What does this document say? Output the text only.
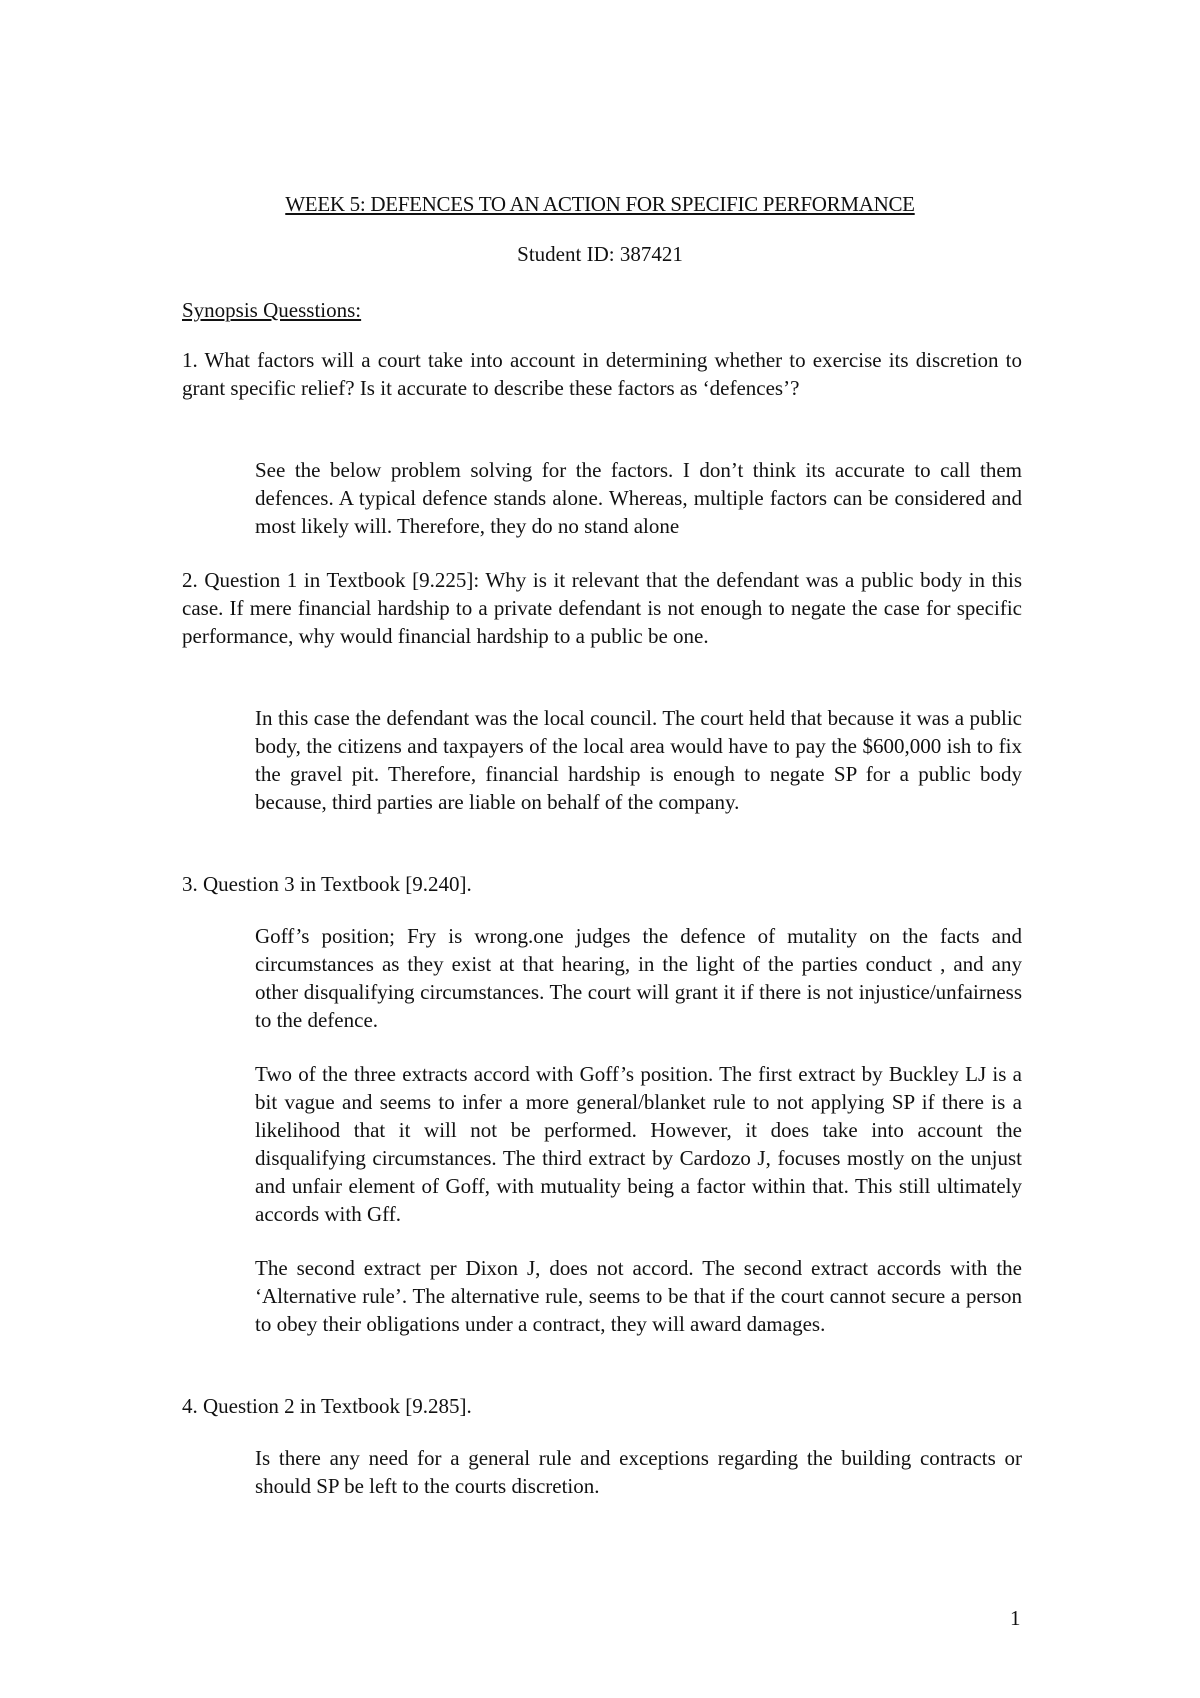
WEEK 5: DEFENCES TO AN ACTION FOR SPECIFIC PERFORMANCE
Student ID: 387421
Synopsis Quesstions:

1. What factors will a court take into account in determining whether to exercise its discretion to grant specific relief? Is it accurate to describe these factors as ‘defences’?

See the below problem solving for the factors. I don’t think its accurate to call them defences. A typical defence stands alone. Whereas, multiple factors can be considered and most likely will. Therefore, they do no stand alone

2. Question 1 in Textbook [9.225]: Why is it relevant that the defendant was a public body in this case. If mere financial hardship to a private defendant is not enough to negate the case for specific performance, why would financial hardship to a public be one.

In this case the defendant was the local council. The court held that because it was a public body, the citizens and taxpayers of the local area would have to pay the $600,000 ish to fix the gravel pit. Therefore, financial hardship is enough to negate SP for a public body because, third parties are liable on behalf of the company.

3. Question 3 in Textbook [9.240].

Goff’s position; Fry is wrong.one judges the defence of mutality on the facts and circumstances as they exist at that hearing, in the light of the parties conduct , and any other disqualifying circumstances. The court will grant it if there is not injustice/unfairness to the defence.

Two of the three extracts accord with Goff’s position. The first extract by Buckley LJ is a bit vague and seems to infer a more general/blanket rule to not applying SP if there is a likelihood that it will not be performed. However, it does take into account the disqualifying circumstances. The third extract by Cardozo J, focuses mostly on the unjust and unfair element of Goff, with mutuality being a factor within that. This still ultimately accords with Gff.

The second extract per Dixon J, does not accord. The second extract accords with the ‘Alternative rule’. The alternative rule, seems to be that if the court cannot secure a person to obey their obligations under a contract, they will award damages.

4. Question 2 in Textbook [9.285].

Is there any need for a general rule and exceptions regarding the building contracts or should SP be left to the courts discretion.

1
